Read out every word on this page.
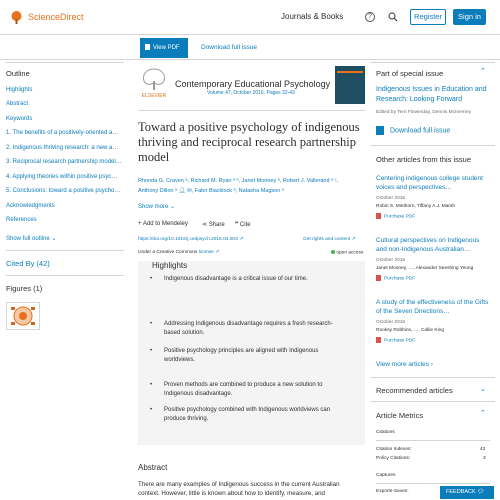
ScienceDirect	Journals & Books	?	Register	Sign in
View PDF	Download full issue
Outline
Highlights
Abstract
Keywords
1. The benefits of a positively-oriented a…
2. Indigenous thriving research: a new a…
3. Reciprocal research partnership model…
4. Applying theories within positive psyc…
5. Conclusions: toward a positive psycho…
Acknowledgments
References
Show full outline ⌄
Cited By (42)
Figures (1)
ELSEVIER
Contemporary Educational Psychology
Volume 47, October 2016, Pages 32-43
Toward a positive psychology of indigenous thriving and reciprocal research partnership model
Rhonda G. Craven ᵃ, Richard M. Ryan ᵃ ᵇ, Janet Mooney ᵃ, Robert J. Vallerand ᵃ ᶜ,
Anthony Dillon ᵃ 👤︎ ✉, Fabri Blacklock ᵃ, Natasha Magson ᵃ
Show more ⌄
+ Add to Mendeley ⋖ Share ❞ Cite
https://doi.org/10.1016/j.cedpsych.2016.04.003 ↗	Get rights and content ↗
Under a Creative Commons license ↗	open access
Highlights
• Indigenous disadvantage is a critical issue of our time.
• Addressing Indigenous disadvantage requires a fresh research-based solution.
• Positive psychology principles are aligned with Indigenous worldviews.
• Proven methods are combined to produce a new solution to Indigenous disadvantage.
• Positive psychology combined with Indigenous worldviews can produce thriving.
Abstract
There are many examples of Indigenous success in the current Australian
context. However, little is known about how to identify, measure, and
Part of special issue	⌃
Indigenous Issues in Education and Research: Looking Forward
Edited by Terri Flowerday, Dennis McInerney
Download full issue
Other articles from this issue
Centering indigenous college student voices and perspectives…
October 2016
Robin S. Minthorn, Tiffany A.J. Marsh
Purchase PDF
Cultural perspectives on Indigenous and non-Indigenous Australian…
October 2016
Janet Mooney, …, Alexander Seeshing Yeung
Purchase PDF
A study of the effectiveness of the Gifts of the Seven Directions…
October 2016
Rooksy Robbins, …, Callie King
Purchase PDF
View more articles ›
Recommended articles	⌄
Article Metrics	⌃
Citations
Citation Indexes:	42
Policy Citations:	3
Captures
Exports-Saves:	FEEDBACK 💬︎
